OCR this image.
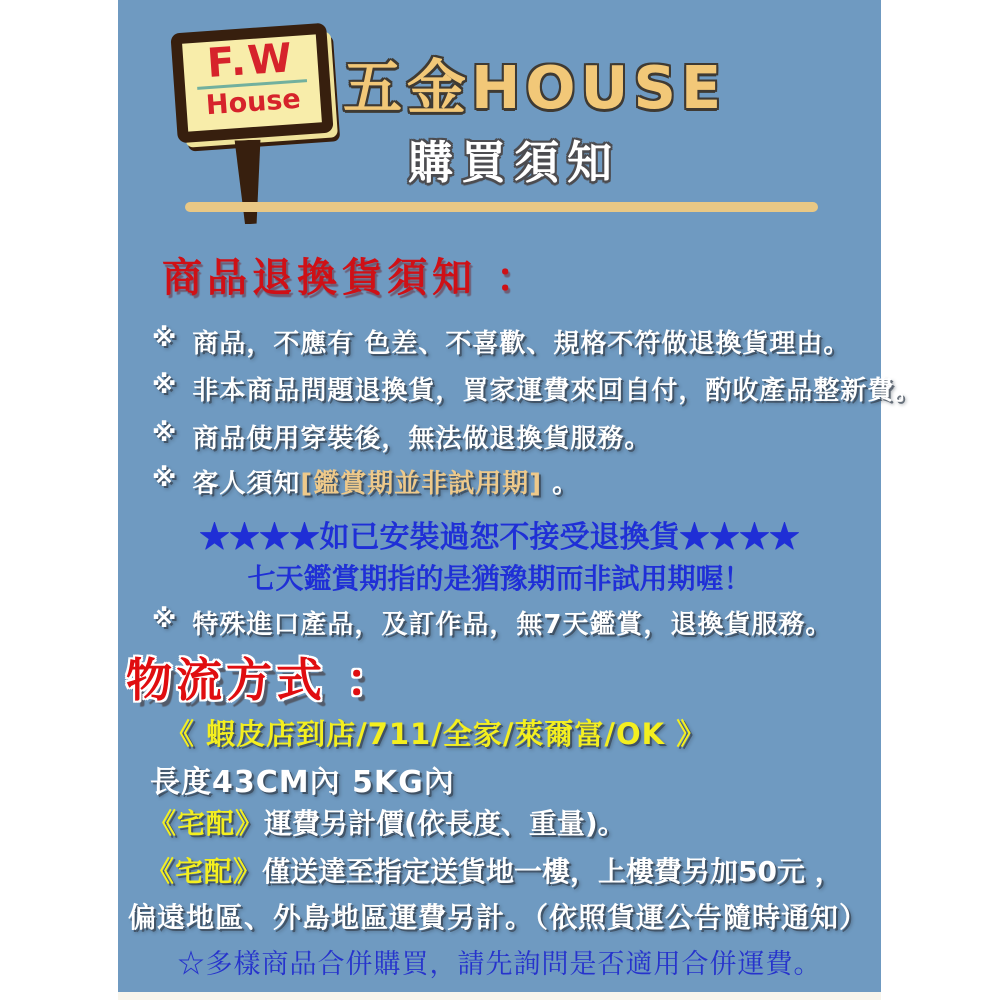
F.W
House 五金HOUSE
購買須知
商品退換貨須知 ：
※ 商品，不應有 色差、不喜歡、規格不符做退換貨理由。
※ 非本商品問題退換貨，買家運費來回自付，酌收產品整新費。
※ 商品使用穿裝後，無法做退換貨服務。
※ 客人須知[鑑賞期並非試用期] 。
★★★★如已安裝過恕不接受退換貨★★★★
七天鑑賞期指的是猶豫期而非試用期喔！
※ 特殊進口產品，及訂作品，無7天鑑賞，退換貨服務。
物流方式 ：
《 蝦皮店到店/711/全家/萊爾富/OK 》
長度43CM內 5KG內
《宅配》運費另計價(依長度、重量)。
《宅配》僅送達至指定送貨地一樓，上樓費另加50元 ，
偏遠地區、外島地區運費另計。（依照貨運公告隨時通知）
☆多樣商品合併購買，請先詢問是否適用合併運費。
